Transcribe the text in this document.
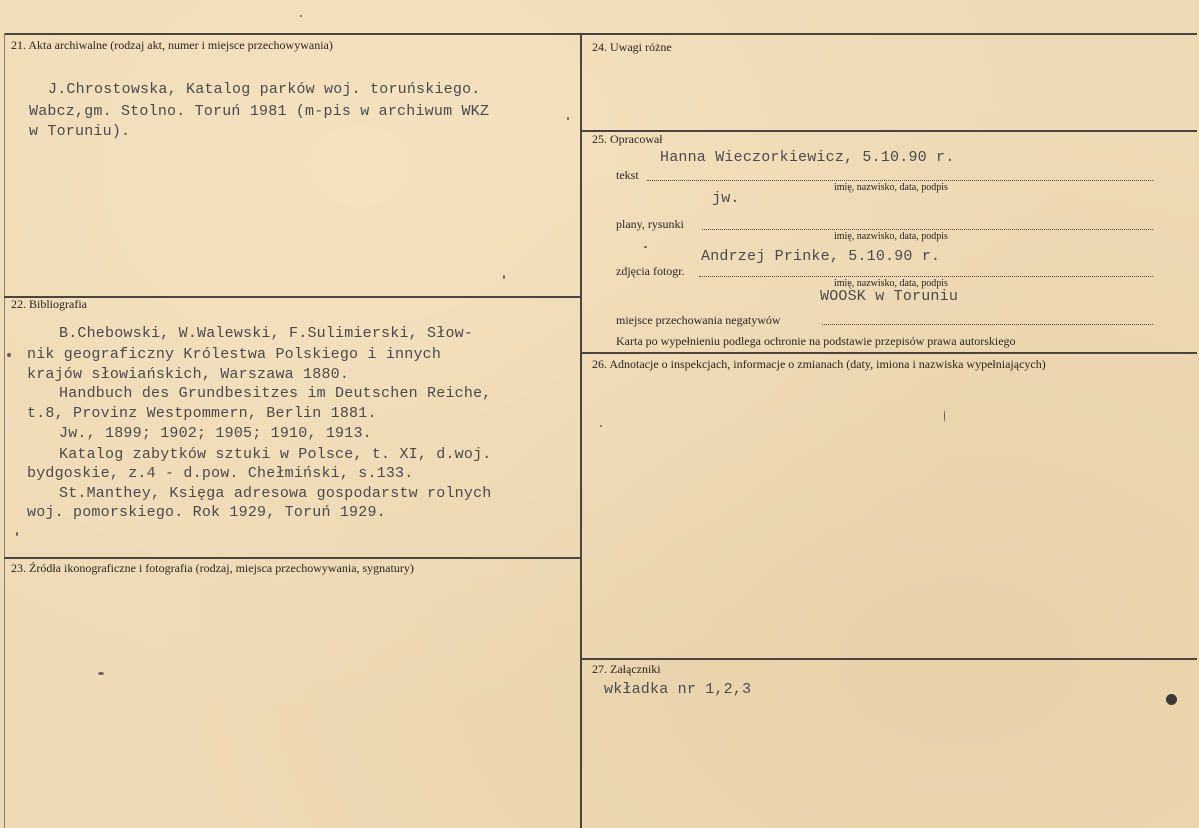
21. Akta archiwalne (rodzaj akt, numer i miejsce przechowywania)
J.Chrostowska, Katalog parków woj. toruńskiego.
Wabcz,gm. Stolno. Toruń 1981 (m-pis w archiwum WKZ
w Toruniu).
22. Bibliografia
B.Chebowski, W.Walewski, F.Sulimierski, Słow-
nik geograficzny Królestwa Polskiego i innych
krajów słowiańskich, Warszawa 1880.
Handbuch des Grundbesitzes im Deutschen Reiche,
t.8, Provinz Westpommern, Berlin 1881.
Jw., 1899; 1902; 1905; 1910, 1913.
Katalog zabytków sztuki w Polsce, t. XI, d.woj.
bydgoskie, z.4 - d.pow. Chełmiński, s.133.
St.Manthey, Księga adresowa gospodarstw rolnych
woj. pomorskiego. Rok 1929, Toruń 1929.
23. Źródła ikonograficzne i fotografia (rodzaj, miejsca przechowywania, sygnatury)
24. Uwagi różne
25. Opracował
Hanna Wieczorkiewicz, 5.10.90 r.
tekst
imię, nazwisko, data, podpis
jw.
plany, rysunki
imię, nazwisko, data, podpis
Andrzej Prinke, 5.10.90 r.
zdjęcia fotogr.
imię, nazwisko, data, podpis
WOOSK w Toruniu
miejsce przechowania negatywów
Karta po wypełnieniu podlega ochronie na podstawie przepisów prawa autorskiego
26. Adnotacje o inspekcjach, informacje o zmianach (daty, imiona i nazwiska wypełniających)
27. Załączniki
wkładka nr 1,2,3
